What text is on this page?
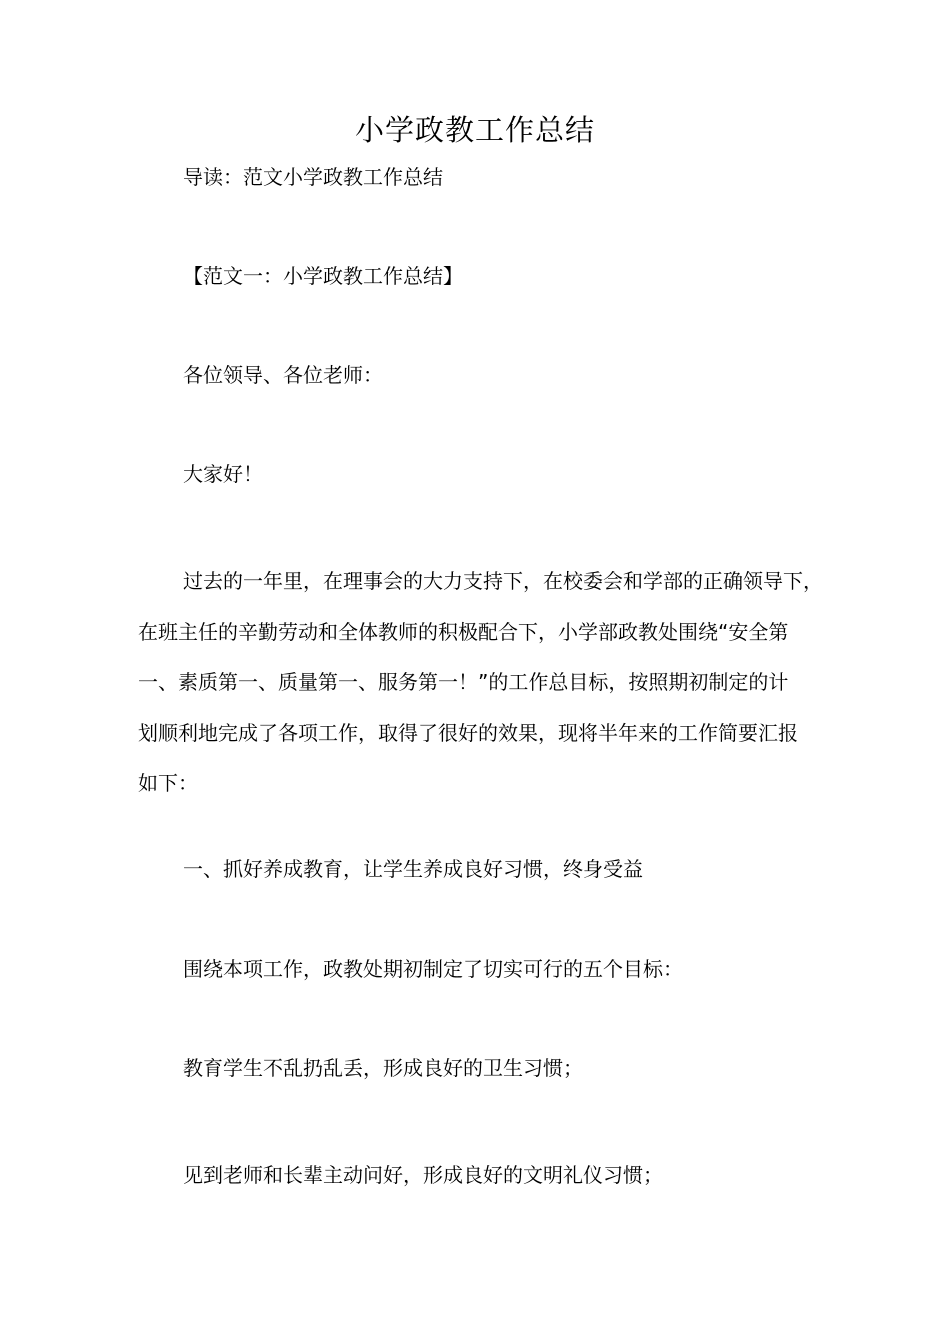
小学政教工作总结
导读：范文小学政教工作总结
【范文一：小学政教工作总结】
各位领导、各位老师：
大家好！
过去的一年里，在理事会的大力支持下，在校委会和学部的正确领导下，
在班主任的辛勤劳动和全体教师的积极配合下，小学部政教处围绕“安全第
一、素质第一、质量第一、服务第一！”的工作总目标，按照期初制定的计
划顺利地完成了各项工作，取得了很好的效果，现将半年来的工作简要汇报
如下：
一、抓好养成教育，让学生养成良好习惯，终身受益
围绕本项工作，政教处期初制定了切实可行的五个目标：
教育学生不乱扔乱丢，形成良好的卫生习惯；
见到老师和长辈主动问好，形成良好的文明礼仪习惯；
